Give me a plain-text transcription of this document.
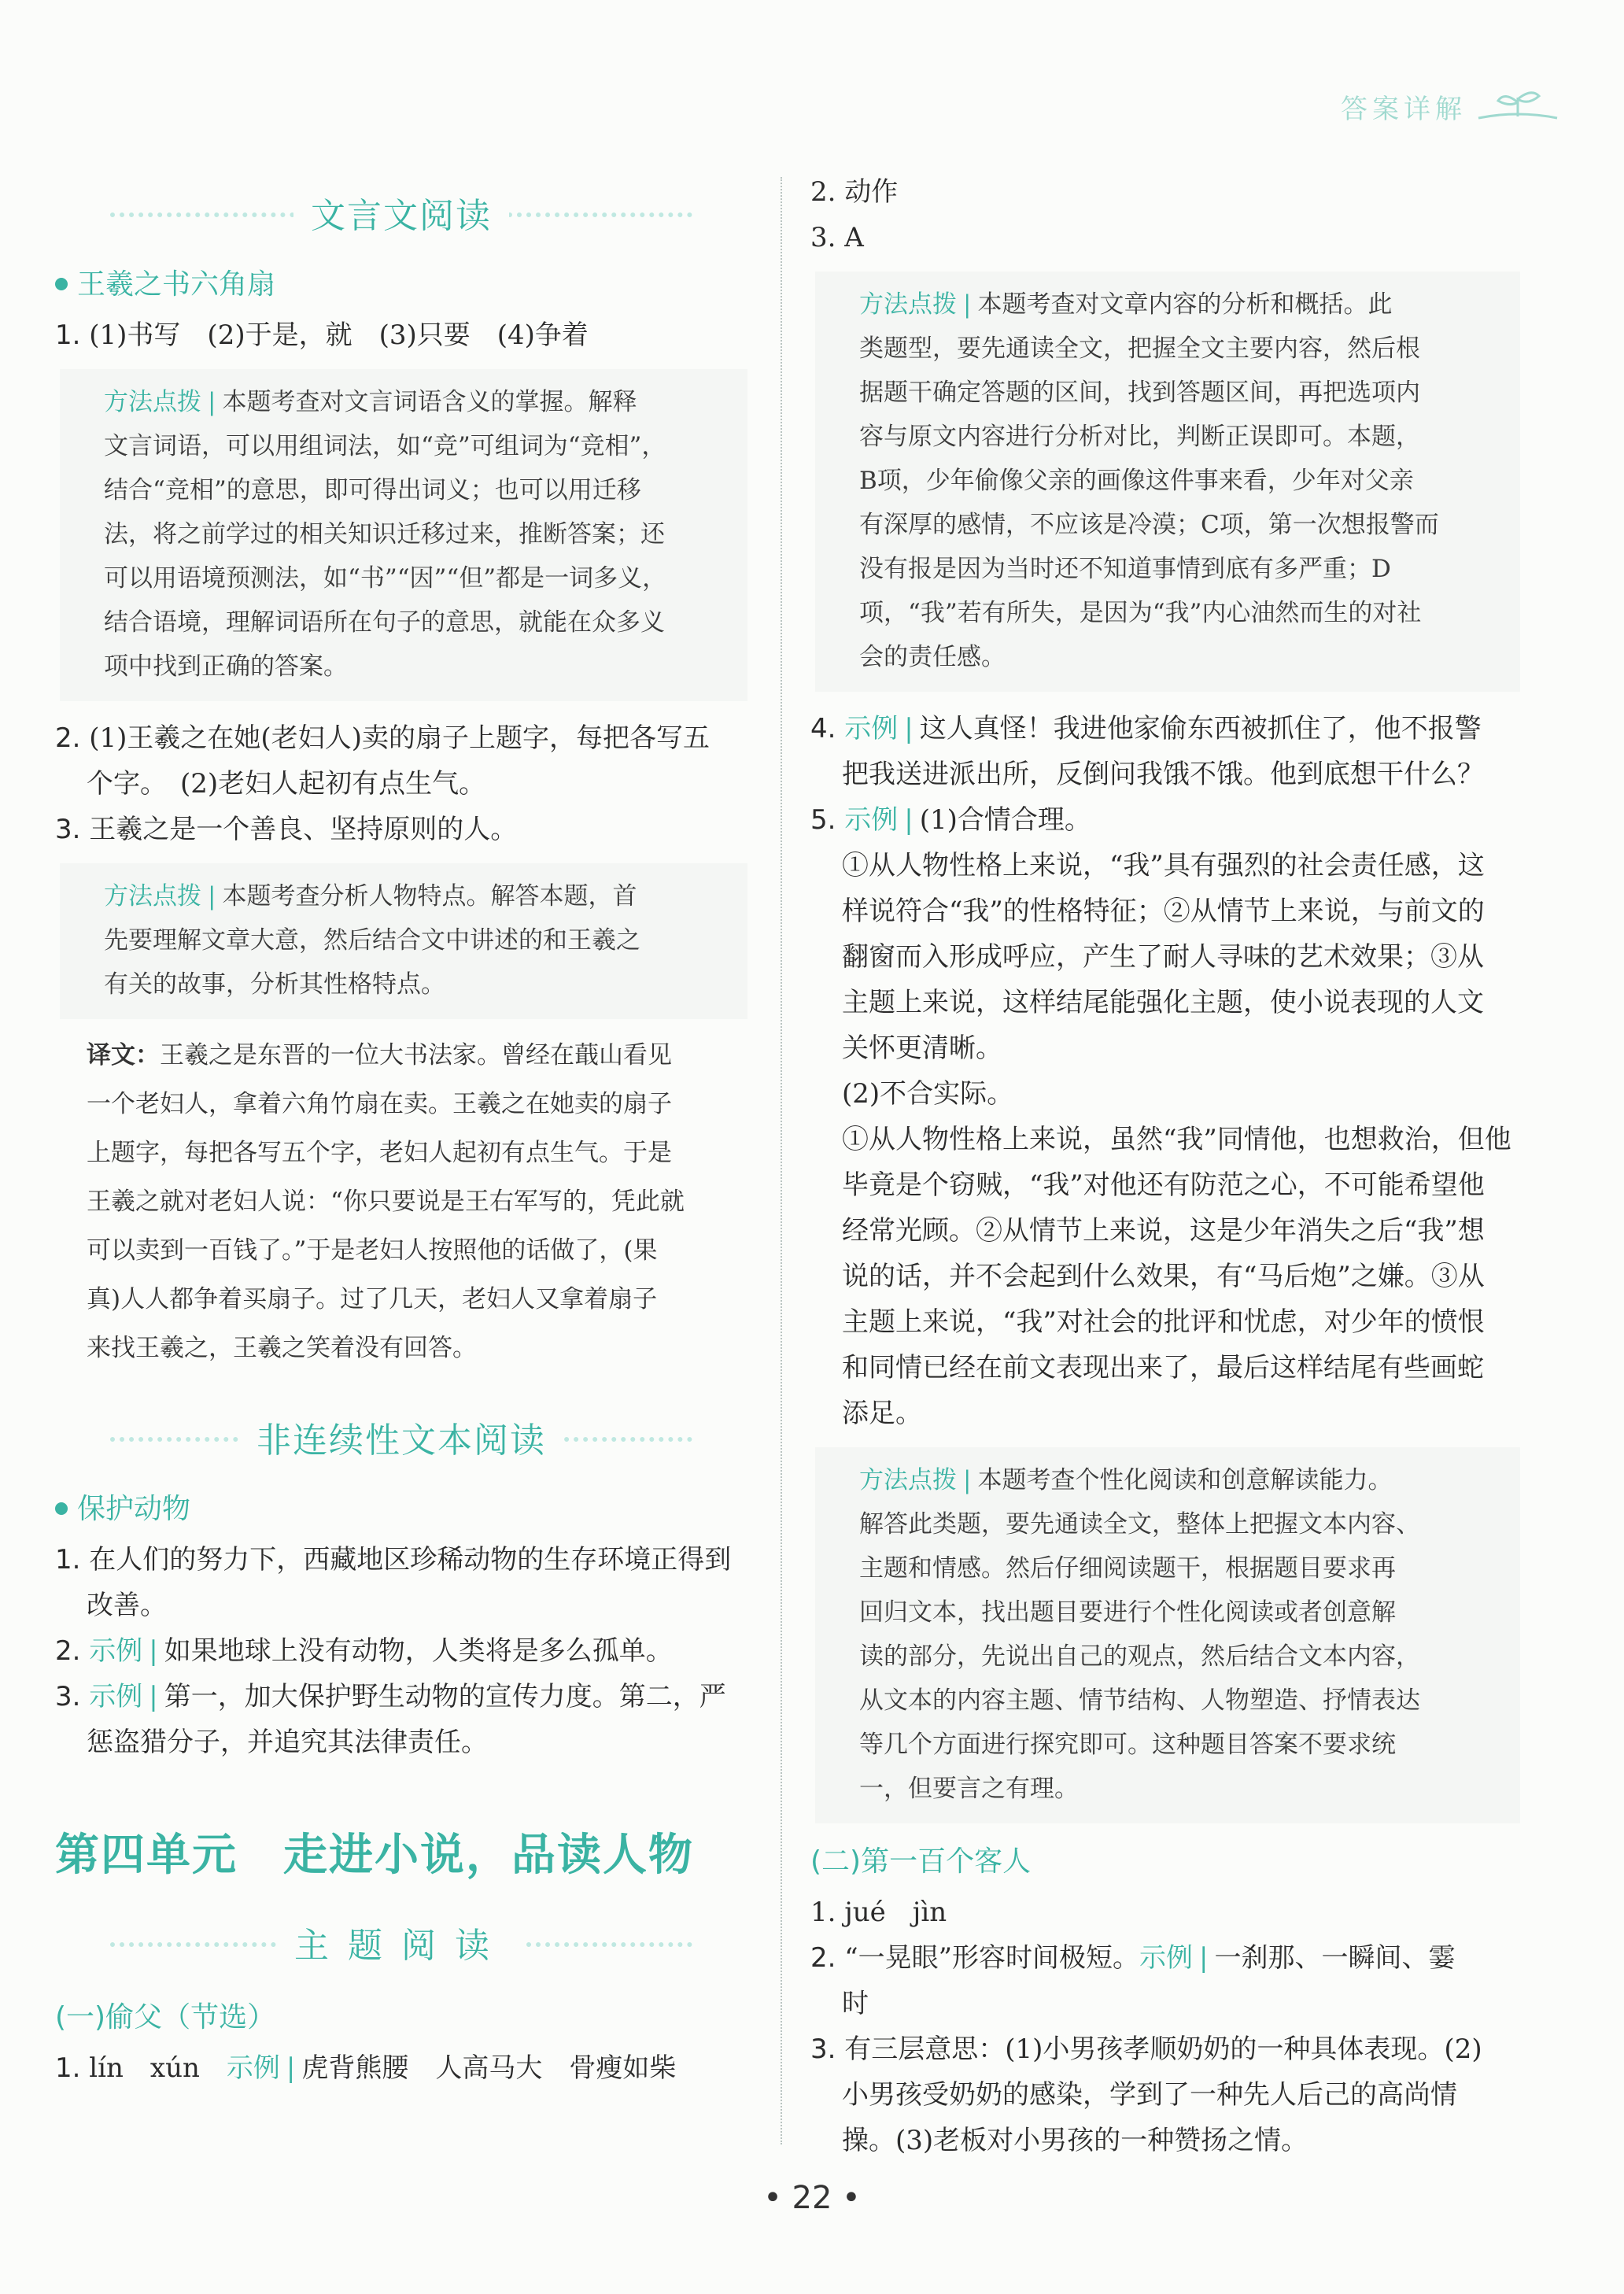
答案详解
文言文阅读
王羲之书六角扇

1. (1)书写　(2)于是，就　(3)只要　(4)争着

方法点拨 | 本题考查对文言词语含义的掌握。解释

文言词语，可以用组词法，如“竞”可组词为“竞相”，

结合“竞相”的意思，即可得出词义；也可以用迁移

法，将之前学过的相关知识迁移过来，推断答案；还

可以用语境预测法，如“书”“因”“但”都是一词多义，

结合语境，理解词语所在句子的意思，就能在众多义

项中找到正确的答案。

2. (1)王羲之在她(老妇人)卖的扇子上题字，每把各写五

个字。　(2)老妇人起初有点生气。

3. 王羲之是一个善良、坚持原则的人。

方法点拨 | 本题考查分析人物特点。解答本题，首

先要理解文章大意，然后结合文中讲述的和王羲之

有关的故事，分析其性格特点。

译文：王羲之是东晋的一位大书法家。曾经在蕺山看见

一个老妇人，拿着六角竹扇在卖。王羲之在她卖的扇子

上题字，每把各写五个字，老妇人起初有点生气。于是

王羲之就对老妇人说：“你只要说是王右军写的，凭此就

可以卖到一百钱了。”于是老妇人按照他的话做了，(果

真)人人都争着买扇子。过了几天，老妇人又拿着扇子

来找王羲之，王羲之笑着没有回答。

非连续性文本阅读
保护动物

1. 在人们的努力下，西藏地区珍稀动物的生存环境正得到

改善。

2. 示例 | 如果地球上没有动物，人类将是多么孤单。

3. 示例 | 第一，加大保护野生动物的宣传力度。第二，严

惩盗猎分子，并追究其法律责任。

第四单元　走进小说，品读人物
主题阅读
(一)偷父（节选）

1. lín　xún　 示例 | 虎背熊腰　人高马大　骨瘦如柴

2. 动作

3. A

方法点拨 | 本题考查对文章内容的分析和概括。此

类题型，要先通读全文，把握全文主要内容，然后根

据题干确定答题的区间，找到答题区间，再把选项内

容与原文内容进行分析对比，判断正误即可。本题，

B项，少年偷像父亲的画像这件事来看，少年对父亲

有深厚的感情，不应该是冷漠；C项，第一次想报警而

没有报是因为当时还不知道事情到底有多严重；D

项，“我”若有所失，是因为“我”内心油然而生的对社

会的责任感。

4. 示例 | 这人真怪！我进他家偷东西被抓住了，他不报警

把我送进派出所，反倒问我饿不饿。他到底想干什么？

5. 示例 | (1)合情合理。

①从人物性格上来说，“我”具有强烈的社会责任感，这

样说符合“我”的性格特征；②从情节上来说，与前文的

翻窗而入形成呼应，产生了耐人寻味的艺术效果；③从

主题上来说，这样结尾能强化主题，使小说表现的人文

关怀更清晰。

(2)不合实际。

①从人物性格上来说，虽然“我”同情他，也想救治，但他

毕竟是个窃贼，“我”对他还有防范之心，不可能希望他

经常光顾。②从情节上来说，这是少年消失之后“我”想

说的话，并不会起到什么效果，有“马后炮”之嫌。③从

主题上来说，“我”对社会的批评和忧虑，对少年的愤恨

和同情已经在前文表现出来了，最后这样结尾有些画蛇

添足。

方法点拨 | 本题考查个性化阅读和创意解读能力。

解答此类题，要先通读全文，整体上把握文本内容、

主题和情感。然后仔细阅读题干，根据题目要求再

回归文本，找出题目要进行个性化阅读或者创意解

读的部分，先说出自己的观点，然后结合文本内容，

从文本的内容主题、情节结构、人物塑造、抒情表达

等几个方面进行探究即可。这种题目答案不要求统

一，但要言之有理。

(二)第一百个客人

1. jué　jìn

2. “一晃眼”形容时间极短。示例 | 一刹那、一瞬间、霎

时

3. 有三层意思：(1)小男孩孝顺奶奶的一种具体表现。(2)

小男孩受奶奶的感染，学到了一种先人后己的高尚情

操。(3)老板对小男孩的一种赞扬之情。

• 22 •
